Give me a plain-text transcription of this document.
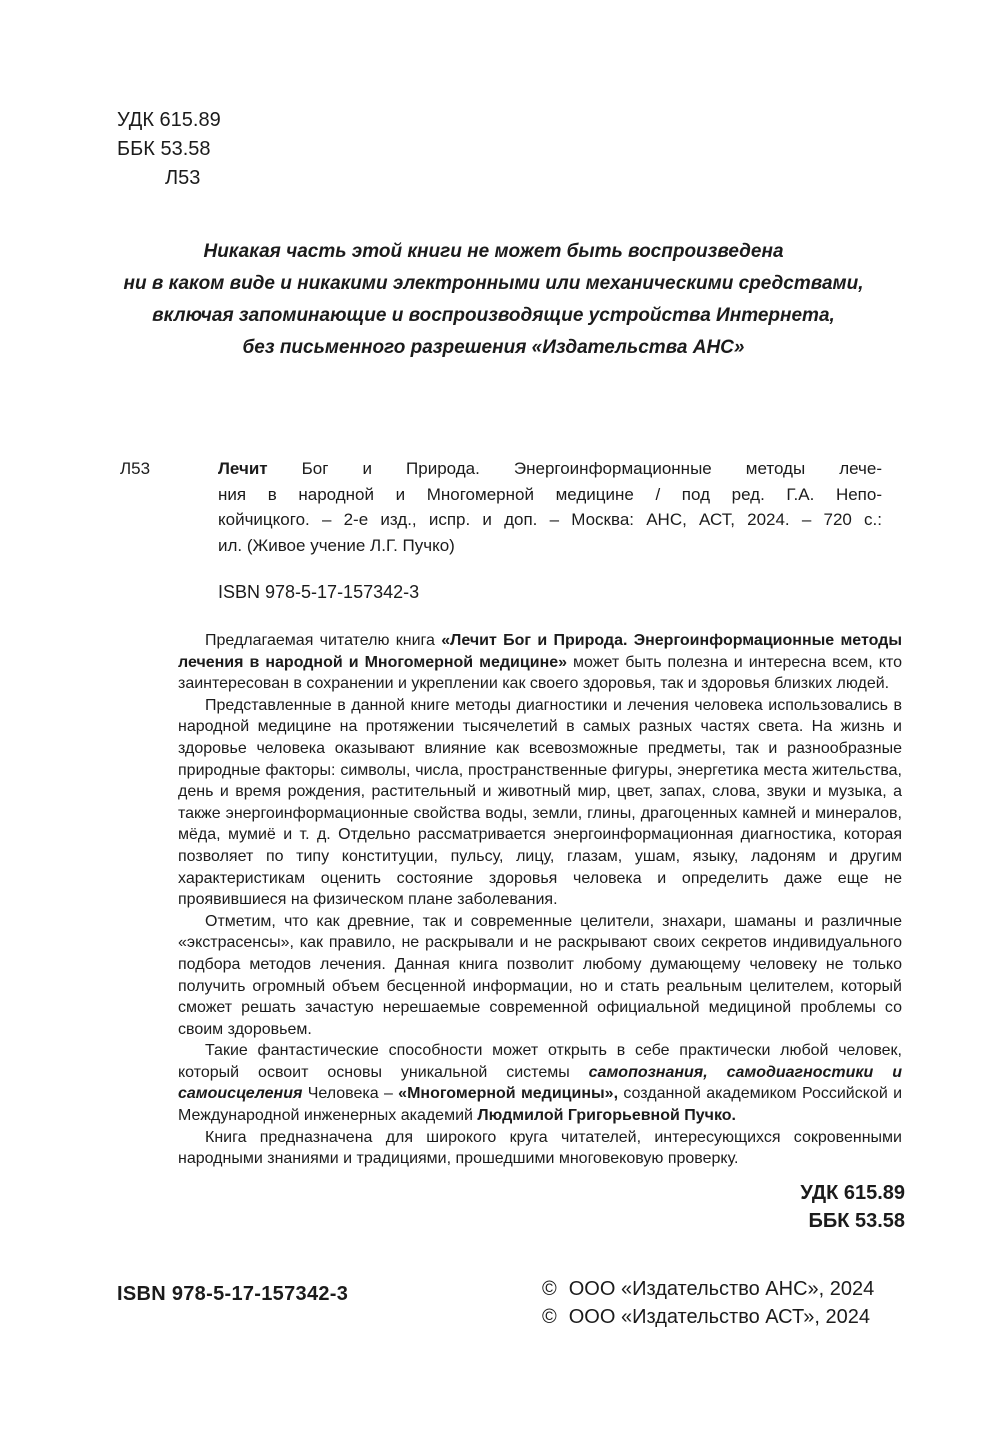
УДК 615.89
ББК 53.58
Л53
Никакая часть этой книги не может быть воспроизведена
ни в каком виде и никакими электронными или механическими средствами,
включая запоминающие и воспроизводящие устройства Интернета,
без письменного разрешения «Издательства АНС»
Л53	Лечит Бог и Природа. Энергоинформационные методы лече-
ния в народной и Многомерной медицине / под ред. Г.А. Непо-
койчицкого. – 2-е изд., испр. и доп. – Москва: АНС, АСТ, 2024. – 720 с.:
ил. (Живое учение Л.Г. Пучко)
ISBN 978-5-17-157342-3

Предлагаемая читателю книга «Лечит Бог и Природа. Энергоинформационные методы лечения в народной и Многомерной медицине» может быть полезна и интересна всем, кто заинтересован в сохранении и укреплении как своего здоровья, так и здоровья близких людей.

Представленные в данной книге методы диагностики и лечения человека использовались в народной медицине на протяжении тысячелетий в самых разных частях света. На жизнь и здоровье человека оказывают влияние как всевозможные предметы, так и разнообразные природные факторы: символы, числа, пространственные фигуры, энергетика места жительства, день и время рождения, растительный и животный мир, цвет, запах, слова, звуки и музыка, а также энергоинформационные свойства воды, земли, глины, драгоценных камней и минералов, мёда, мумиё и т. д. Отдельно рассматривается энергоинформационная диагностика, которая позволяет по типу конституции, пульсу, лицу, глазам, ушам, языку, ладоням и другим характеристикам оценить состояние здоровья человека и определить даже еще не проявившиеся на физическом плане заболевания.

Отметим, что как древние, так и современные целители, знахари, шаманы и различные «экстрасенсы», как правило, не раскрывали и не раскрывают своих секретов индивидуального подбора методов лечения. Данная книга позволит любому думающему человеку не только получить огромный объем бесценной информации, но и стать реальным целителем, который сможет решать зачастую нерешаемые современной официальной медициной проблемы со своим здоровьем.

Такие фантастические способности может открыть в себе практически любой человек, который освоит основы уникальной системы самопознания, самодиагностики и самоисцеления Человека – «Многомерной медицины», созданной академиком Российской и Международной инженерных академий Людмилой Григорьевной Пучко.

Книга предназначена для широкого круга читателей, интересующихся сокровенными народными знаниями и традициями, прошедшими многовековую проверку.

УДК 615.89
ББК 53.58
ISBN 978-5-17-157342-3	© ООО «Издательство АНС», 2024
© ООО «Издательство АСТ», 2024
